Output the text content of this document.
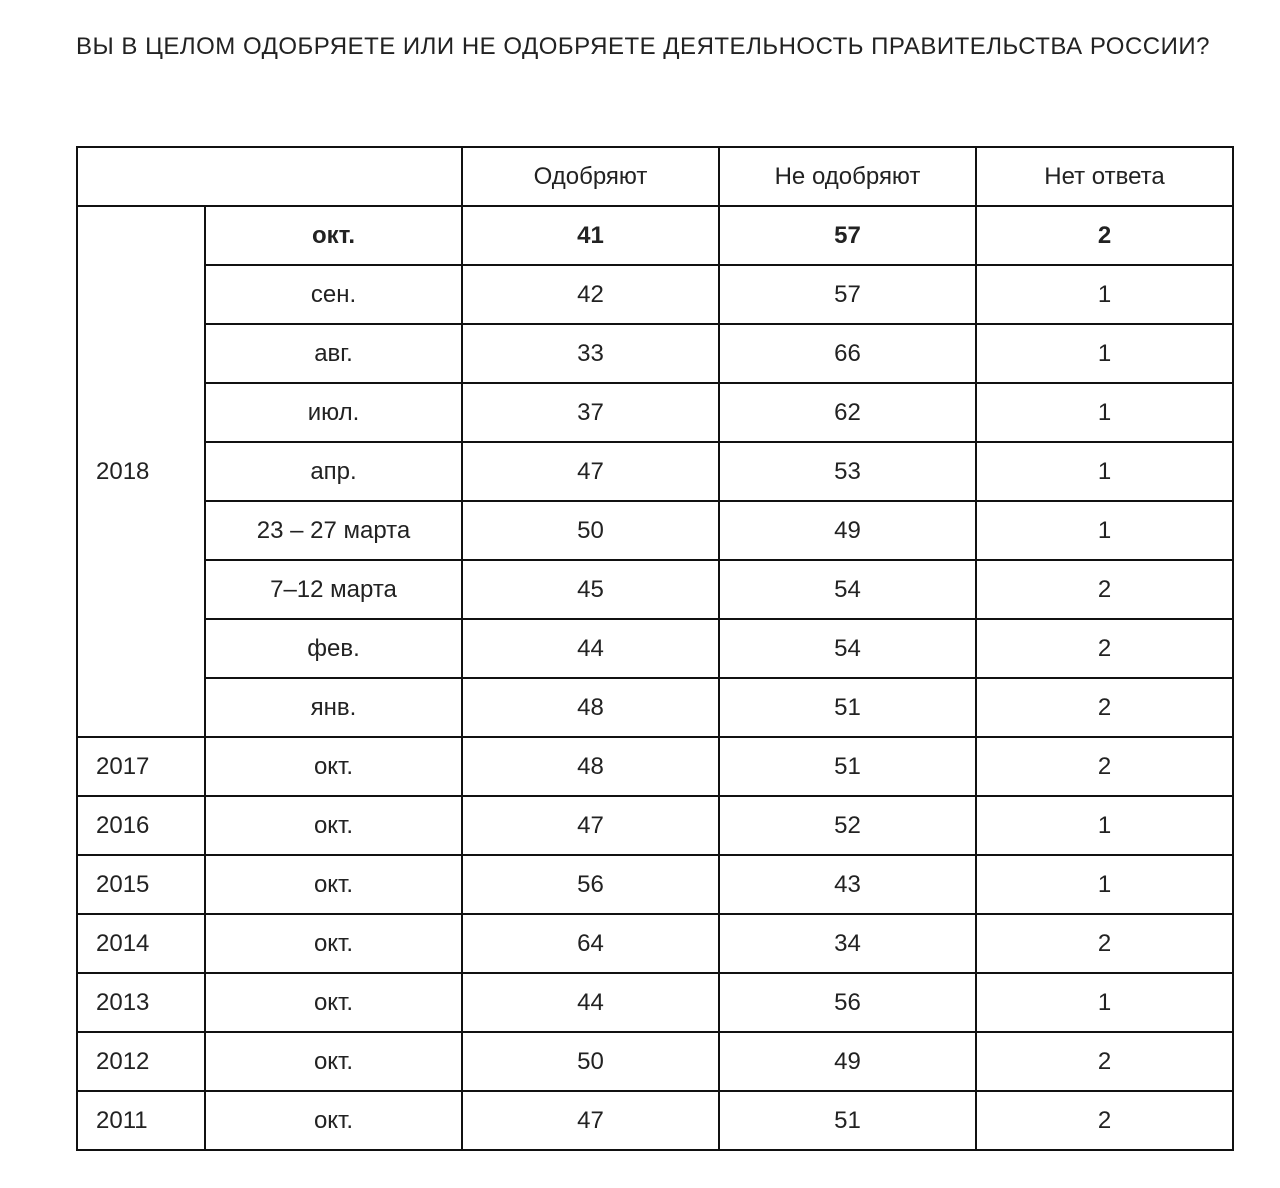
ВЫ В ЦЕЛОМ ОДОБРЯЕТЕ ИЛИ НЕ ОДОБРЯЕТЕ ДЕЯТЕЛЬНОСТЬ ПРАВИТЕЛЬСТВА РОССИИ?
		Одобряют	Не одобряют	Нет ответа
2018	окт.	41	57	2
	сен.	42	57	1
	авг.	33	66	1
	июл.	37	62	1
	апр.	47	53	1
	23 – 27 марта	50	49	1
	7–12 марта	45	54	2
	фев.	44	54	2
	янв.	48	51	2
2017	окт.	48	51	2
2016	окт.	47	52	1
2015	окт.	56	43	1
2014	окт.	64	34	2
2013	окт.	44	56	1
2012	окт.	50	49	2
2011	окт.	47	51	2
